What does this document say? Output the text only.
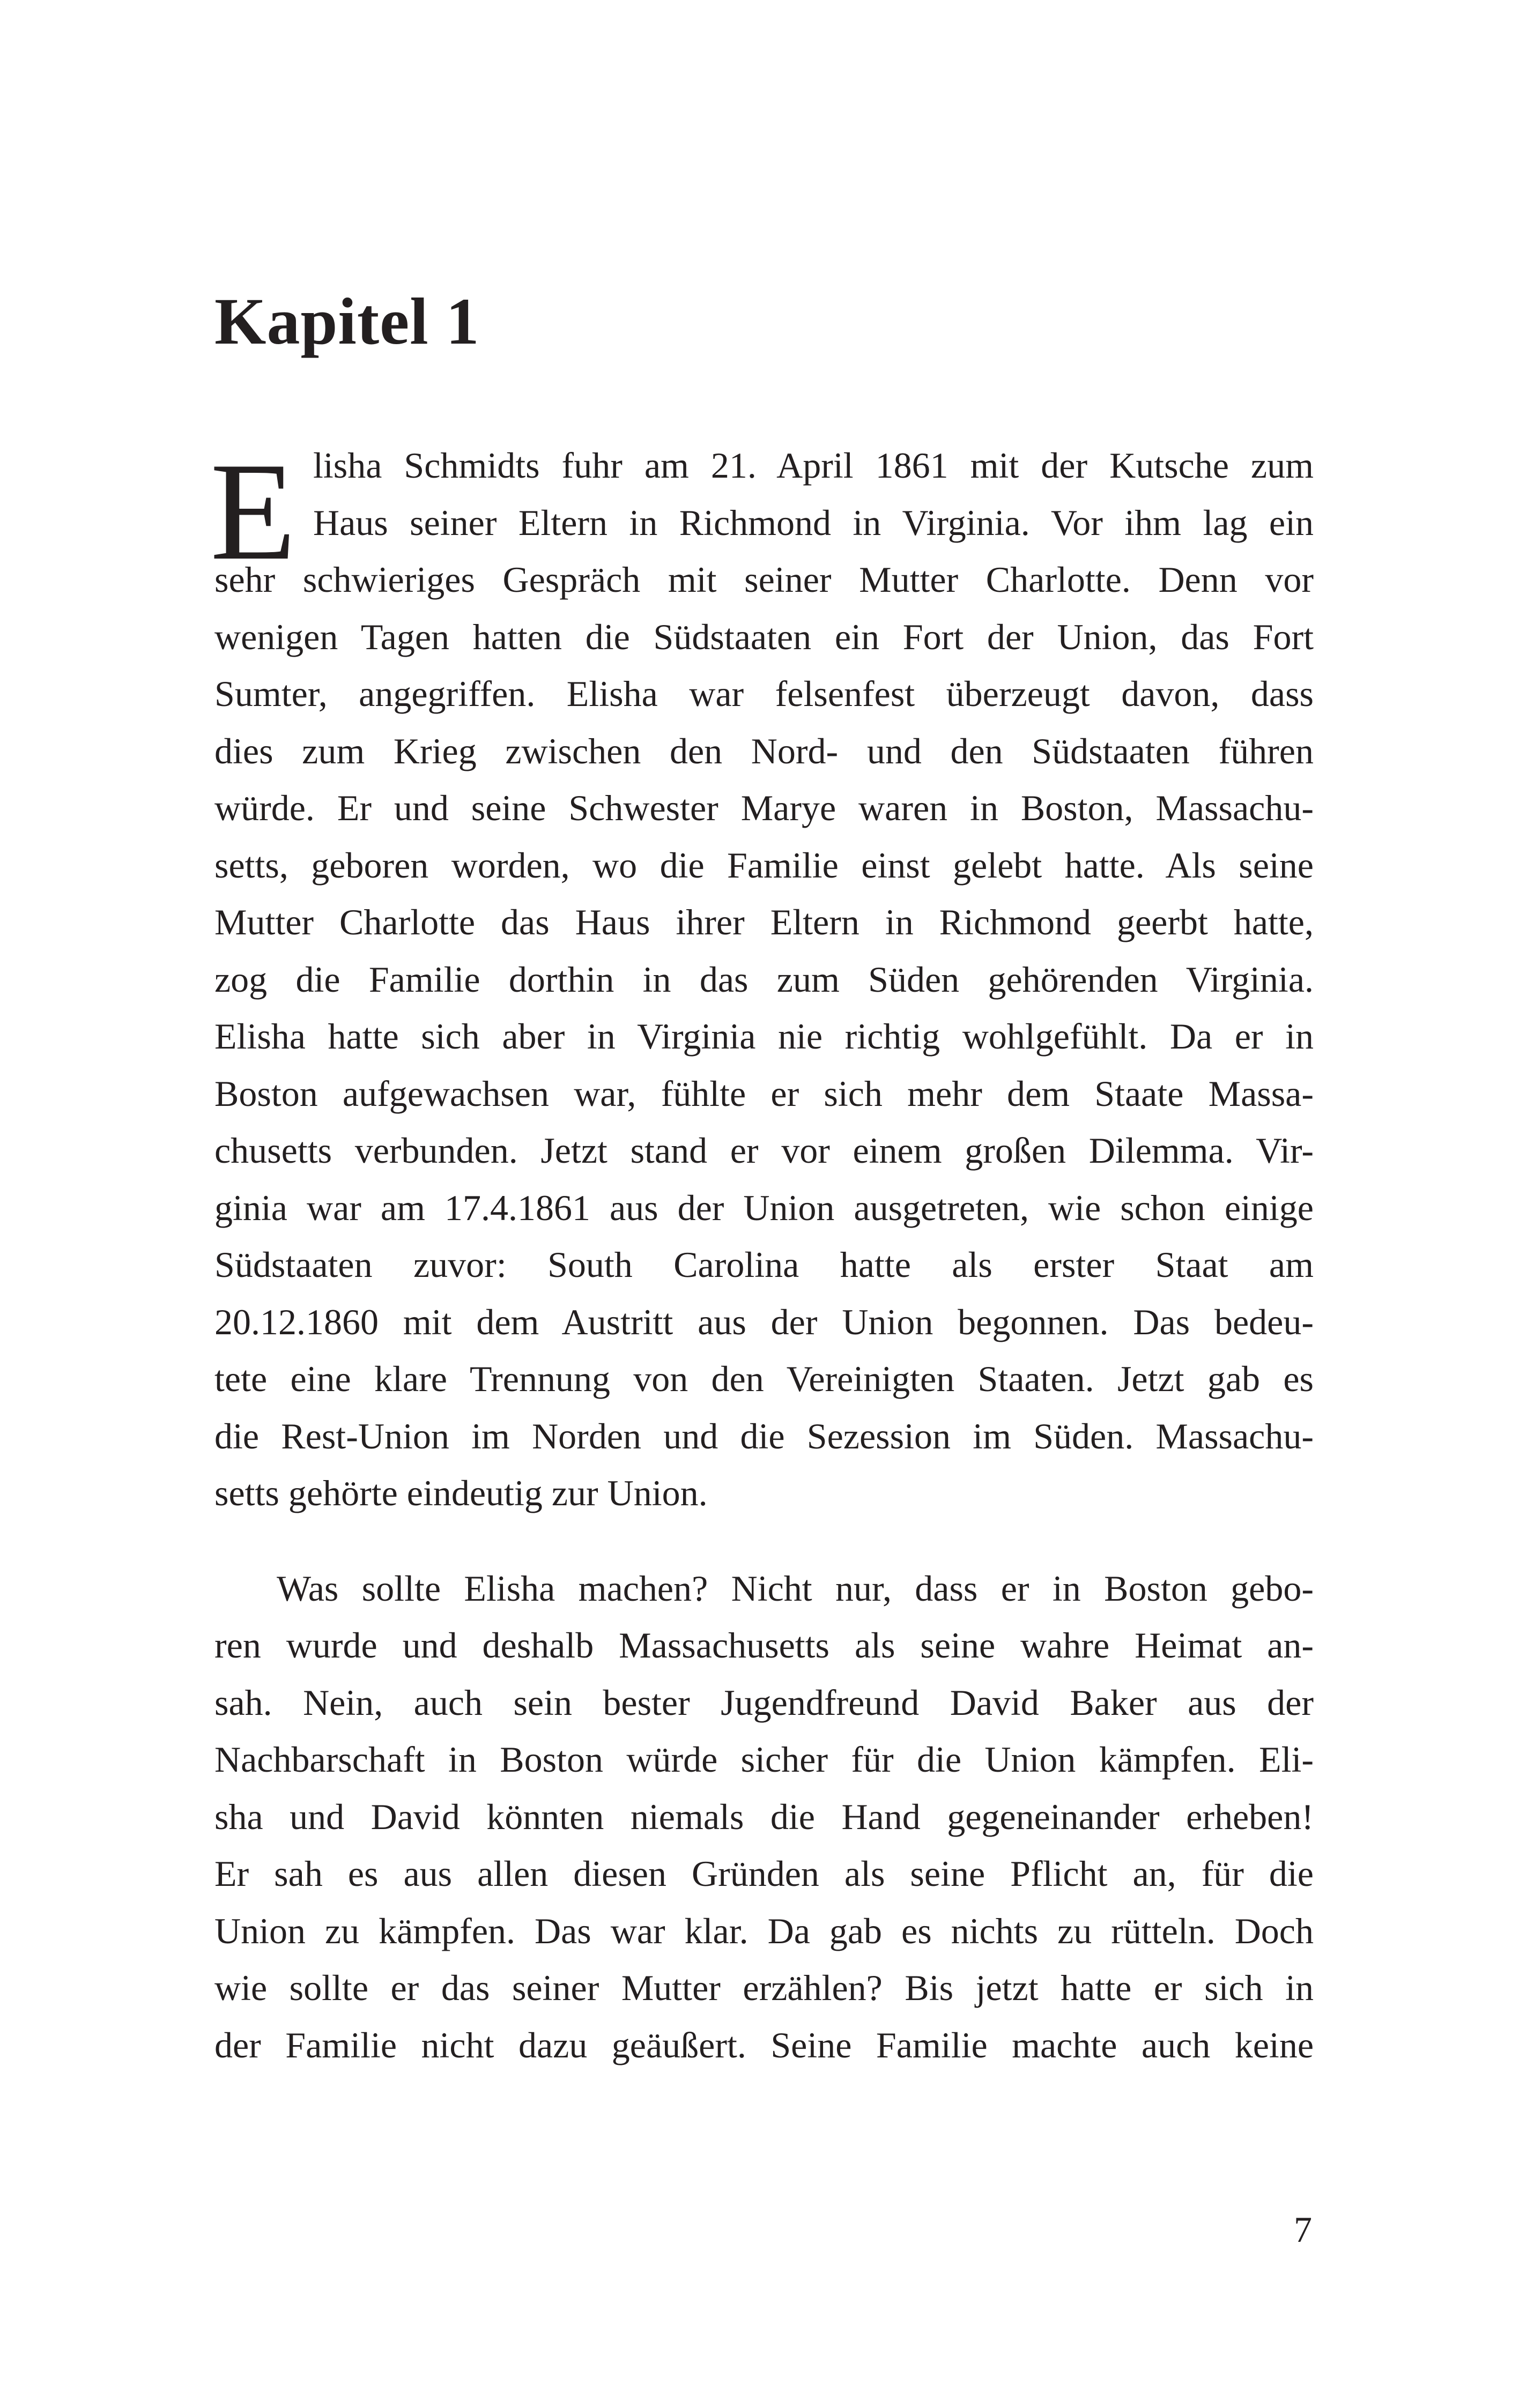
Kapitel 1
E lisha Schmidts fuhr am 21. April 1861 mit der Kutsche zum
Haus seiner Eltern in Richmond in Virginia. Vor ihm lag ein
sehr schwieriges Gespräch mit seiner Mutter Charlotte. Denn vor
wenigen Tagen hatten die Südstaaten ein Fort der Union, das Fort
Sumter, angegriffen. Elisha war felsenfest überzeugt davon, dass
dies zum Krieg zwischen den Nord- und den Südstaaten führen
würde. Er und seine Schwester Marye waren in Boston, Massachu-
setts, geboren worden, wo die Familie einst gelebt hatte. Als seine
Mutter Charlotte das Haus ihrer Eltern in Richmond geerbt hatte,
zog die Familie dorthin in das zum Süden gehörenden Virginia.
Elisha hatte sich aber in Virginia nie richtig wohlgefühlt. Da er in
Boston aufgewachsen war, fühlte er sich mehr dem Staate Massa-
chusetts verbunden. Jetzt stand er vor einem großen Dilemma. Vir-
ginia war am 17.4.1861 aus der Union ausgetreten, wie schon einige
Südstaaten zuvor: South Carolina hatte als erster Staat am
20.12.1860 mit dem Austritt aus der Union begonnen. Das bedeu-
tete eine klare Trennung von den Vereinigten Staaten. Jetzt gab es
die Rest-Union im Norden und die Sezession im Süden. Massachu-
setts gehörte eindeutig zur Union.
Was sollte Elisha machen? Nicht nur, dass er in Boston gebo-
ren wurde und deshalb Massachusetts als seine wahre Heimat an-
sah. Nein, auch sein bester Jugendfreund David Baker aus der
Nachbarschaft in Boston würde sicher für die Union kämpfen. Eli-
sha und David könnten niemals die Hand gegeneinander erheben!
Er sah es aus allen diesen Gründen als seine Pflicht an, für die
Union zu kämpfen. Das war klar. Da gab es nichts zu rütteln. Doch
wie sollte er das seiner Mutter erzählen? Bis jetzt hatte er sich in
der Familie nicht dazu geäußert. Seine Familie machte auch keine
7
